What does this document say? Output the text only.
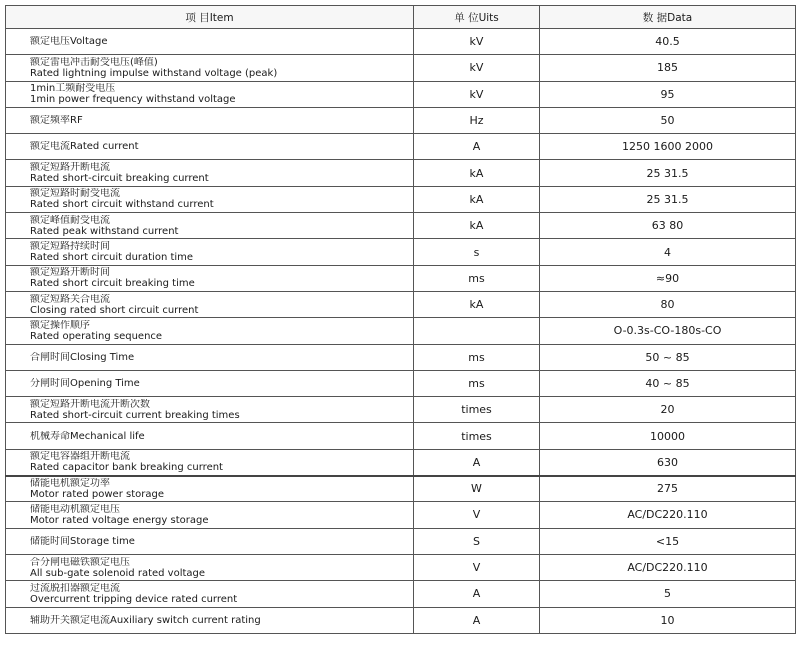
项 目Item	单 位Uits	数 据Data

额定电压Voltage	kV	40.5

额定雷电冲击耐受电压(峰值)
Rated lightning impulse withstand voltage (peak)	kV	185

1min工频耐受电压
1min power frequency withstand voltage	kV	95

额定频率RF	Hz	50

额定电流Rated current	A	1250 1600 2000

额定短路开断电流
Rated short-circuit breaking current	kA	25 31.5

额定短路时耐受电流
Rated short circuit withstand current	kA	25 31.5

额定峰值耐受电流
Rated peak withstand current	kA	63 80

额定短路持续时间
Rated short circuit duration time	s	4

额定短路开断时间
Rated short circuit breaking time	ms	≈90

额定短路关合电流
Closing rated short circuit current	kA	80

额定操作顺序
Rated operating sequence		O-0.3s-CO-180s-CO

合闸时间Closing Time	ms	50 ~ 85

分闸时间Opening Time	ms	40 ~ 85

额定短路开断电流开断次数
Rated short-circuit current breaking times	times	20

机械寿命Mechanical life	times	10000

额定电容器组开断电流
Rated capacitor bank breaking current	A	630

储能电机额定功率
Motor rated power storage	W	275

储能电动机额定电压
Motor rated voltage energy storage	V	AC/DC220.110

储能时间Storage time	S	<15

合分闸电磁铁额定电压
All sub-gate solenoid rated voltage	V	AC/DC220.110

过流脱扣器额定电流
Overcurrent tripping device rated current	A	5

辅助开关额定电流Auxiliary switch current rating	A	10
